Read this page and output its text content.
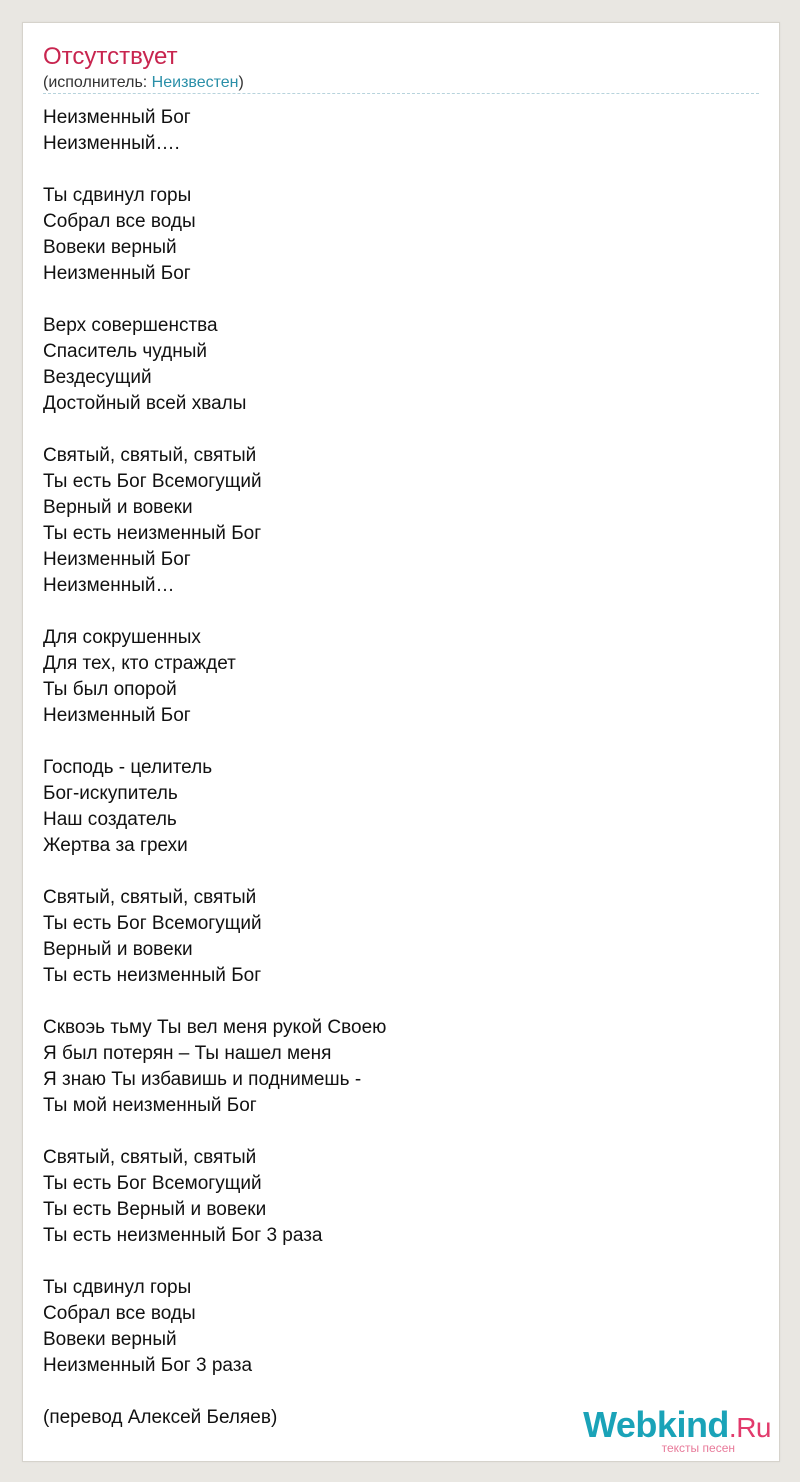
Отсутствует
(исполнитель: Неизвестен)
Неизменный Бог
Неизменный….

Ты сдвинул горы
Собрал все воды
Вовеки верный
Неизменный Бог

Верх совершенства
Спаситель чудный
Вездесущий
Достойный всей хвалы

Святый, святый, святый
Ты есть Бог Всемогущий
Верный и вовеки
Ты есть неизменный Бог
Неизменный Бог
Неизменный…

Для сокрушенных
Для тех, кто страждет
Ты был опорой
Неизменный Бог

Господь - целитель
Бог-искупитель
Наш создатель
Жертва за грехи

Святый, святый, святый
Ты есть Бог Всемогущий
Верный и вовеки
Ты есть неизменный Бог

Сквоэь тьму Ты вел меня рукой Своею
Я был потерян – Ты нашел меня
Я знаю Ты избавишь и поднимешь -
Ты мой неизменный Бог

Святый, святый, святый
Ты есть Бог Всемогущий
Ты есть Верный и вовеки
Ты есть неизменный Бог 3 раза

Ты сдвинул горы
Собрал все воды
Вовеки верный
Неизменный Бог 3 раза

(перевод Алексей Беляев)	Webkind.Ru
тексты песен
